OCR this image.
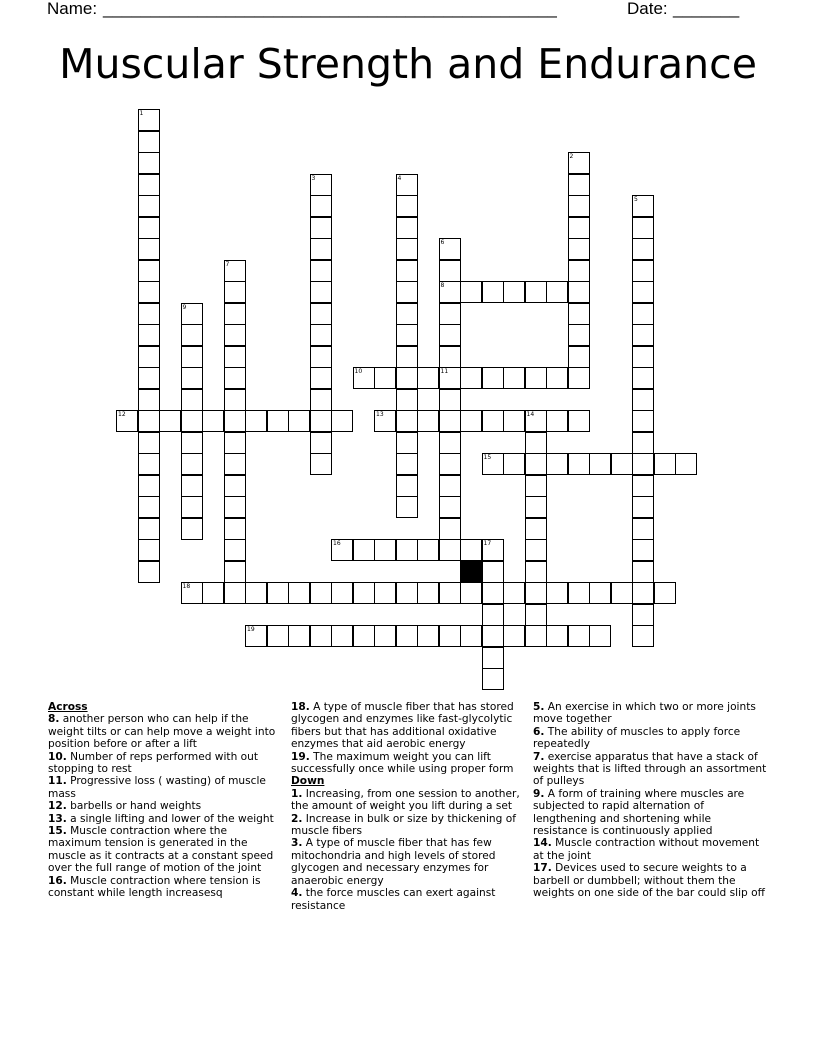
Name: ________________________________________________	Date: _______
Muscular Strength and Endurance
1
2
3	4
5
6
7
8
9
10	11
12	13	14
15
16	17
18
19
Across
8. another person who can help if the weight tilts or can help move a weight into position before or after a lift
10. Number of reps performed with out stopping to rest
11. Progressive loss ( wasting) of muscle mass
12. barbells or hand weights
13. a single lifting and lower of the weight
15. Muscle contraction where the maximum tension is generated in the muscle as it contracts at a constant speed over the full range of motion of the joint
16. Muscle contraction where tension is constant while length increasesq
18. A type of muscle fiber that has stored glycogen and enzymes like fast-glycolytic fibers but that has additional oxidative enzymes that aid aerobic energy
19. The maximum weight you can lift successfully once while using proper form
Down
1. Increasing, from one session to another, the amount of weight you lift during a set
2. Increase in bulk or size by thickening of muscle fibers
3. A type of muscle fiber that has few mitochondria and high levels of stored glycogen and necessary enzymes for anaerobic energy
4. the force muscles can exert against resistance
5. An exercise in which two or more joints move together
6. The ability of muscles to apply force repeatedly
7. exercise apparatus that have a stack of weights that is lifted through an assortment of pulleys
9. A form of training where muscles are subjected to rapid alternation of lengthening and shortening while resistance is continuously applied
14. Muscle contraction without movement at the joint
17. Devices used to secure weights to a barbell or dumbbell; without them the weights on one side of the bar could slip off
